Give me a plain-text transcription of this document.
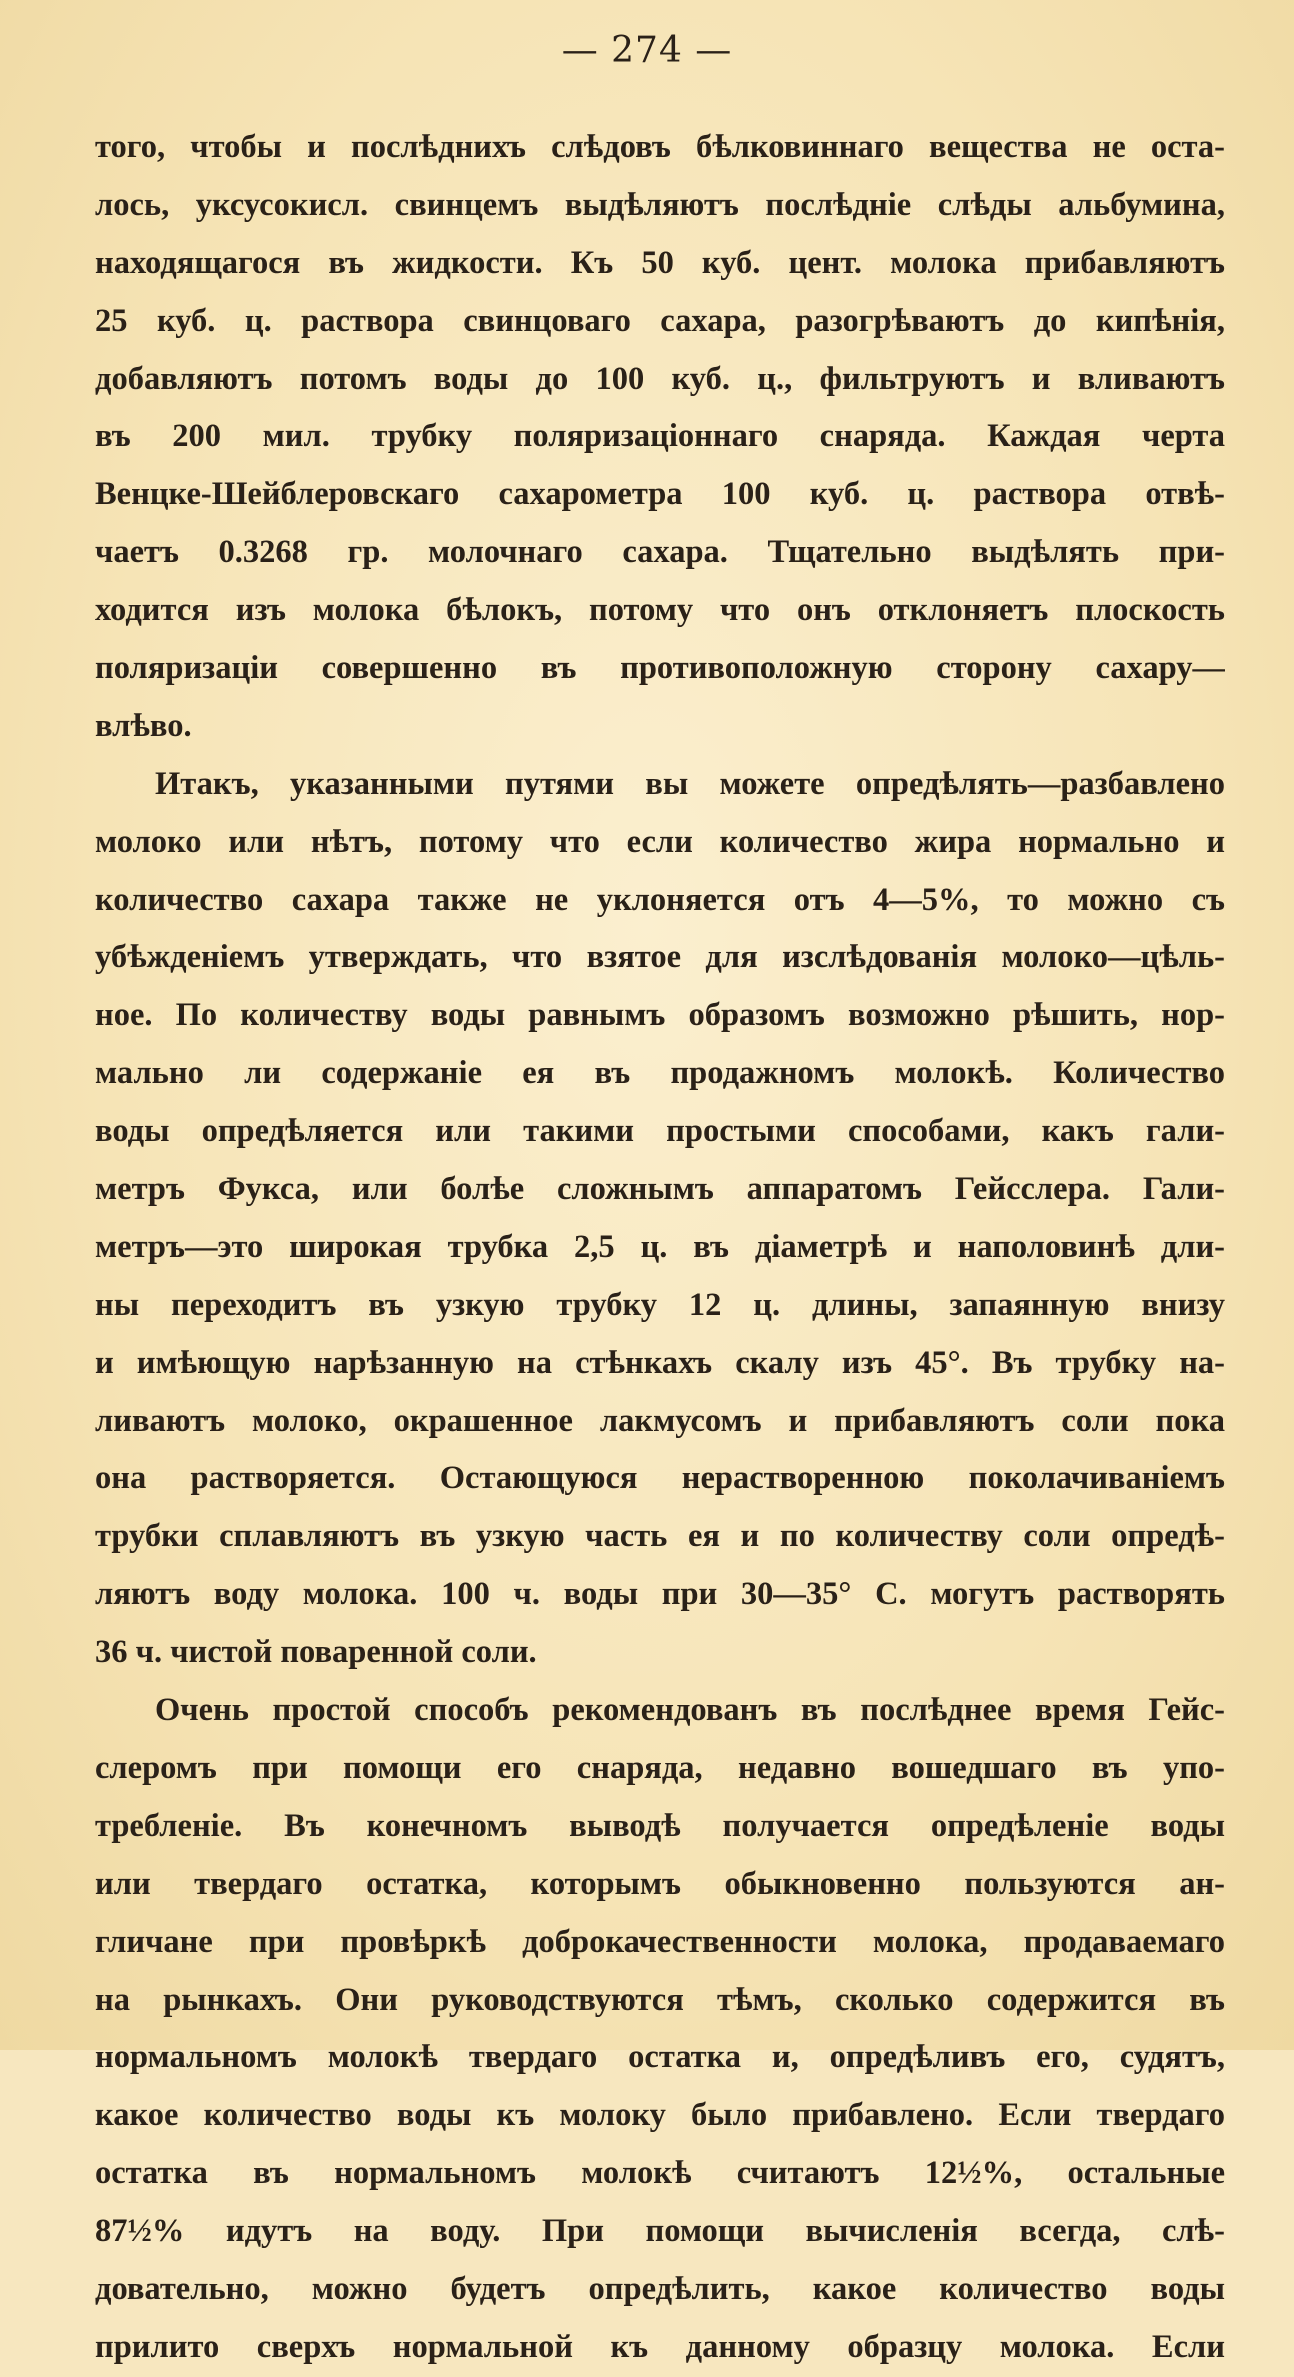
— 274 —
того, чтобы и послѣднихъ слѣдовъ бѣлковиннаго вещества не оста-
лось, уксусокисл. свинцемъ выдѣляютъ послѣдніе слѣды альбумина,
находящагося въ жидкости. Къ 50 куб. цент. молока прибавляютъ
25 куб. ц. раствора свинцоваго сахара, разогрѣваютъ до кипѣнія,
добавляютъ потомъ воды до 100 куб. ц., фильтруютъ и вливаютъ
въ 200 мил. трубку поляризаціоннаго снаряда. Каждая черта
Венцке-Шейблеровскаго сахарометра 100 куб. ц. раствора отвѣ-
чаетъ 0.3268 гр. молочнаго сахара. Тщательно выдѣлять при-
ходится изъ молока бѣлокъ, потому что онъ отклоняетъ плоскость
поляризаціи совершенно въ противоположную сторону сахару—
влѣво.
Итакъ, указанными путями вы можете опредѣлять—разбавлено
молоко или нѣтъ, потому что если количество жира нормально и
количество сахара также не уклоняется отъ 4—5%, то можно съ
убѣжденіемъ утверждать, что взятое для изслѣдованія молоко—цѣль-
ное. По количеству воды равнымъ образомъ возможно рѣшить, нор-
мально ли содержаніе ея въ продажномъ молокѣ. Количество
воды опредѣляется или такими простыми способами, какъ гали-
метръ Фукса, или болѣе сложнымъ аппаратомъ Гейсслера. Гали-
метръ—это широкая трубка 2,5 ц. въ діаметрѣ и наполовинѣ дли-
ны переходитъ въ узкую трубку 12 ц. длины, запаянную внизу
и имѣющую нарѣзанную на стѣнкахъ скалу изъ 45°. Въ трубку на-
ливаютъ молоко, окрашенное лакмусомъ и прибавляютъ соли пока
она растворяется. Остающуюся нерастворенною поколачиваніемъ
трубки сплавляютъ въ узкую часть ея и по количеству соли опредѣ-
ляютъ воду молока. 100 ч. воды при 30—35° С. могутъ растворять
36 ч. чистой поваренной соли.
Очень простой способъ рекомендованъ въ послѣднее время Гейс-
слеромъ при помощи его снаряда, недавно вошедшаго въ упо-
требленіе. Въ конечномъ выводѣ получается опредѣленіе воды
или твердаго остатка, которымъ обыкновенно пользуются ан-
гличане при провѣркѣ доброкачественности молока, продаваемаго
на рынкахъ. Они руководствуются тѣмъ, сколько содержится въ
нормальномъ молокѣ твердаго остатка и, опредѣливъ его, судятъ,
какое количество воды къ молоку было прибавлено. Если твердаго
остатка въ нормальномъ молокѣ считаютъ 12½%, остальные
87½% идутъ на воду. При помощи вычисленія всегда, слѣ-
довательно, можно будетъ опредѣлить, какое количество воды
прилито сверхъ нормальной къ данному образцу молока. Если
